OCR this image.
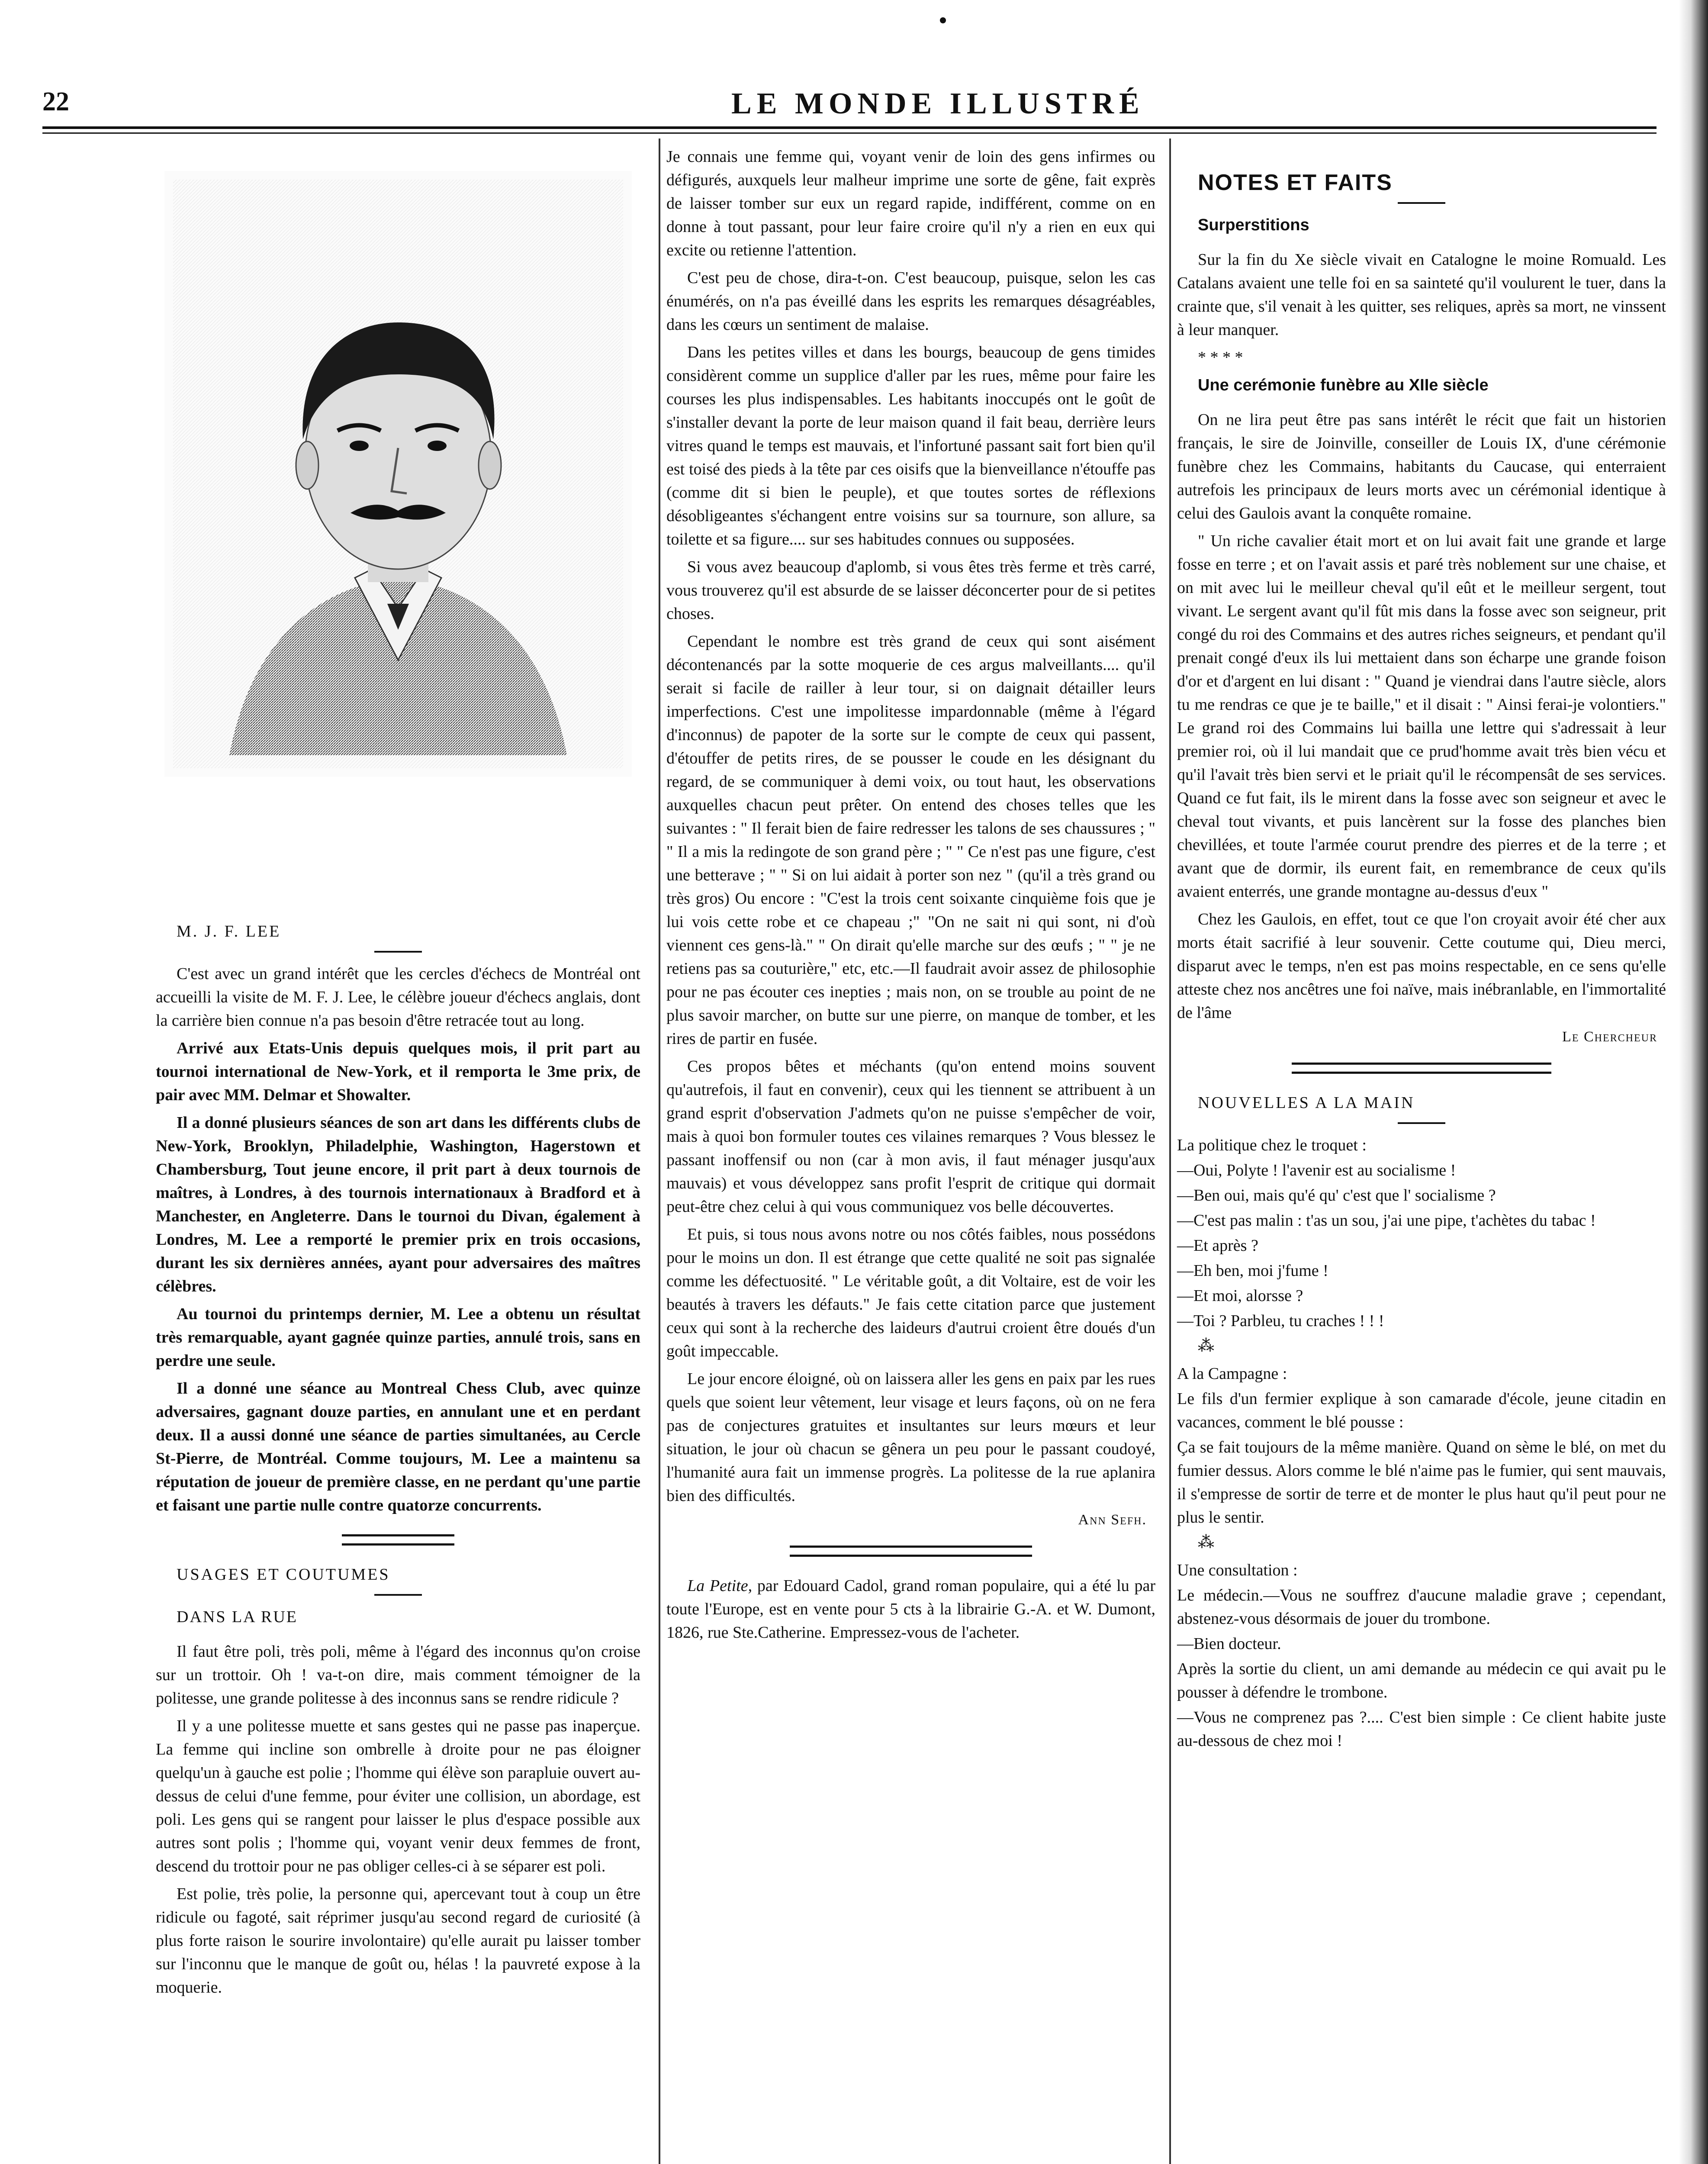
22	LE MONDE ILLUSTRÉ

M. J. F. LEE

C'est avec un grand intérêt que les cercles d'échecs de Montréal ont accueilli la visite de M. F. J. Lee, le célèbre joueur d'échecs anglais, dont la carrière bien connue n'a pas besoin d'être retracée tout au long.

Arrivé aux Etats-Unis depuis quelques mois, il prit part au tournoi international de New-York, et il remporta le 3me prix, de pair avec MM. Delmar et Showalter.

Il a donné plusieurs séances de son art dans les différents clubs de New-York, Brooklyn, Philadelphie, Washington, Hagerstown et Chambersburg, Tout jeune encore, il prit part à deux tournois de maîtres, à Londres, à des tournois internationaux à Bradford et à Manchester, en Angleterre. Dans le tournoi du Divan, également à Londres, M. Lee a remporté le premier prix en trois occasions, durant les six dernières années, ayant pour adversaires des maîtres célèbres.

Au tournoi du printemps dernier, M. Lee a obtenu un résultat très remarquable, ayant gagnée quinze parties, annulé trois, sans en perdre une seule.

Il a donné une séance au Montreal Chess Club, avec quinze adversaires, gagnant douze parties, en annulant une et en perdant deux. Il a aussi donné une séance de parties simultanées, au Cercle St-Pierre, de Montréal. Comme toujours, M. Lee a maintenu sa réputation de joueur de première classe, en ne perdant qu'une partie et faisant une partie nulle contre quatorze concurrents.

USAGES ET COUTUMES

DANS LA RUE

Il faut être poli, très poli, même à l'égard des inconnus qu'on croise sur un trottoir. Oh ! va-t-on dire, mais comment témoigner de la politesse, une grande politesse à des inconnus sans se rendre ridicule ?

Il y a une politesse muette et sans gestes qui ne passe pas inaperçue. La femme qui incline son ombrelle à droite pour ne pas éloigner quelqu'un à gauche est polie ; l'homme qui élève son parapluie ouvert au-dessus de celui d'une femme, pour éviter une collision, un abordage, est poli. Les gens qui se rangent pour laisser le plus d'espace possible aux autres sont polis ; l'homme qui, voyant venir deux femmes de front, descend du trottoir pour ne pas obliger celles-ci à se séparer est poli.

Est polie, très polie, la personne qui, apercevant tout à coup un être ridicule ou fagoté, sait réprimer jusqu'au second regard de curiosité (à plus forte raison le sourire involontaire) qu'elle aurait pu laisser tomber sur l'inconnu que le manque de goût ou, hélas ! la pauvreté expose à la moquerie.

Je connais une femme qui, voyant venir de loin des gens infirmes ou défigurés, auxquels leur malheur imprime une sorte de gêne, fait exprès de laisser tomber sur eux un regard rapide, indifférent, comme on en donne à tout passant, pour leur faire croire qu'il n'y a rien en eux qui excite ou retienne l'attention.

C'est peu de chose, dira-t-on. C'est beaucoup, puisque, selon les cas énumérés, on n'a pas éveillé dans les esprits les remarques désagréables, dans les cœurs un sentiment de malaise.

Dans les petites villes et dans les bourgs, beaucoup de gens timides considèrent comme un supplice d'aller par les rues, même pour faire les courses les plus indispensables. Les habitants inoccupés ont le goût de s'installer devant la porte de leur maison quand il fait beau, derrière leurs vitres quand le temps est mauvais, et l'infortuné passant sait fort bien qu'il est toisé des pieds à la tête par ces oisifs que la bienveillance n'étouffe pas (comme dit si bien le peuple), et que toutes sortes de réflexions désobligeantes s'échangent entre voisins sur sa tournure, son allure, sa toilette et sa figure.... sur ses habitudes connues ou supposées.

Si vous avez beaucoup d'aplomb, si vous êtes très ferme et très carré, vous trouverez qu'il est absurde de se laisser déconcerter pour de si petites choses.

Cependant le nombre est très grand de ceux qui sont aisément décontenancés par la sotte moquerie de ces argus malveillants.... qu'il serait si facile de railler à leur tour, si on daignait détailler leurs imperfections. C'est une impolitesse impardonnable (même à l'égard d'inconnus) de papoter de la sorte sur le compte de ceux qui passent, d'étouffer de petits rires, de se pousser le coude en les désignant du regard, de se communiquer à demi voix, ou tout haut, les observations auxquelles chacun peut prêter. On entend des choses telles que les suivantes : " Il ferait bien de faire redresser les talons de ses chaussures ; " " Il a mis la redingote de son grand père ; " " Ce n'est pas une figure, c'est une betterave ; " " Si on lui aidait à porter son nez " (qu'il a très grand ou très gros) Ou encore : "C'est la trois cent soixante cinquième fois que je lui vois cette robe et ce chapeau ;" "On ne sait ni qui sont, ni d'où viennent ces gens-là." " On dirait qu'elle marche sur des œufs ; " " je ne retiens pas sa couturière," etc, etc.—Il faudrait avoir assez de philosophie pour ne pas écouter ces inepties ; mais non, on se trouble au point de ne plus savoir marcher, on butte sur une pierre, on manque de tomber, et les rires de partir en fusée.

Ces propos bêtes et méchants (qu'on entend moins souvent qu'autrefois, il faut en convenir), ceux qui les tiennent se attribuent à un grand esprit d'observation J'admets qu'on ne puisse s'empêcher de voir, mais à quoi bon formuler toutes ces vilaines remarques ? Vous blessez le passant inoffensif ou non (car à mon avis, il faut ménager jusqu'aux mauvais) et vous développez sans profit l'esprit de critique qui dormait peut-être chez celui à qui vous communiquez vos belle découvertes.

Et puis, si tous nous avons notre ou nos côtés faibles, nous possédons pour le moins un don. Il est étrange que cette qualité ne soit pas signalée comme les défectuosité. " Le véritable goût, a dit Voltaire, est de voir les beautés à travers les défauts." Je fais cette citation parce que justement ceux qui sont à la recherche des laideurs d'autrui croient être doués d'un goût impeccable.

Le jour encore éloigné, où on laissera aller les gens en paix par les rues quels que soient leur vêtement, leur visage et leurs façons, où on ne fera pas de conjectures gratuites et insultantes sur leurs mœurs et leur situation, le jour où chacun se gênera un peu pour le passant coudoyé, l'humanité aura fait un immense progrès. La politesse de la rue aplanira bien des difficultés.

Ann Sefh.

La Petite, par Edouard Cadol, grand roman populaire, qui a été lu par toute l'Europe, est en vente pour 5 cts à la librairie G.-A. et W. Dumont, 1826, rue Ste.Catherine. Empressez-vous de l'acheter.

NOTES ET FAITS

Surperstitions

Sur la fin du Xe siècle vivait en Catalogne le moine Romuald. Les Catalans avaient une telle foi en sa sainteté qu'il voulurent le tuer, dans la crainte que, s'il venait à les quitter, ses reliques, après sa mort, ne vinssent à leur manquer.

* * * *

Une cerémonie funèbre au XIIe siècle

On ne lira peut être pas sans intérêt le récit que fait un historien français, le sire de Joinville, conseiller de Louis IX, d'une cérémonie funèbre chez les Commains, habitants du Caucase, qui enterraient autrefois les principaux de leurs morts avec un cérémonial identique à celui des Gaulois avant la conquête romaine.

" Un riche cavalier était mort et on lui avait fait une grande et large fosse en terre ; et on l'avait assis et paré très noblement sur une chaise, et on mit avec lui le meilleur cheval qu'il eût et le meilleur sergent, tout vivant. Le sergent avant qu'il fût mis dans la fosse avec son seigneur, prit congé du roi des Commains et des autres riches seigneurs, et pendant qu'il prenait congé d'eux ils lui mettaient dans son écharpe une grande foison d'or et d'argent en lui disant : " Quand je viendrai dans l'autre siècle, alors tu me rendras ce que je te baille," et il disait : " Ainsi ferai-je volontiers." Le grand roi des Commains lui bailla une lettre qui s'adressait à leur premier roi, où il lui mandait que ce prud'homme avait très bien vécu et qu'il l'avait très bien servi et le priait qu'il le récompensât de ses services. Quand ce fut fait, ils le mirent dans la fosse avec son seigneur et avec le cheval tout vivants, et puis lancèrent sur la fosse des planches bien chevillées, et toute l'armée courut prendre des pierres et de la terre ; et avant que de dormir, ils eurent fait, en remembrance de ceux qu'ils avaient enterrés, une grande montagne au-dessus d'eux "

Chez les Gaulois, en effet, tout ce que l'on croyait avoir été cher aux morts était sacrifié à leur souvenir. Cette coutume qui, Dieu merci, disparut avec le temps, n'en est pas moins respectable, en ce sens qu'elle atteste chez nos ancêtres une foi naïve, mais inébranlable, en l'immortalité de l'âme

Le Chercheur

NOUVELLES A LA MAIN

La politique chez le troquet :

—Oui, Polyte ! l'avenir est au socialisme !

—Ben oui, mais qu'é qu' c'est que l' socialisme ?

—C'est pas malin : t'as un sou, j'ai une pipe, t'achètes du tabac !

—Et après ?

—Eh ben, moi j'fume !

—Et moi, alorsse ?

—Toi ? Parbleu, tu craches ! ! !

⁂

A la Campagne :

Le fils d'un fermier explique à son camarade d'école, jeune citadin en vacances, comment le blé pousse :

Ça se fait toujours de la même manière. Quand on sème le blé, on met du fumier dessus. Alors comme le blé n'aime pas le fumier, qui sent mauvais, il s'empresse de sortir de terre et de monter le plus haut qu'il peut pour ne plus le sentir.

⁂

Une consultation :

Le médecin.—Vous ne souffrez d'aucune maladie grave ; cependant, abstenez-vous désormais de jouer du trombone.

—Bien docteur.

Après la sortie du client, un ami demande au médecin ce qui avait pu le pousser à défendre le trombone.

—Vous ne comprenez pas ?.... C'est bien simple : Ce client habite juste au-dessous de chez moi !
